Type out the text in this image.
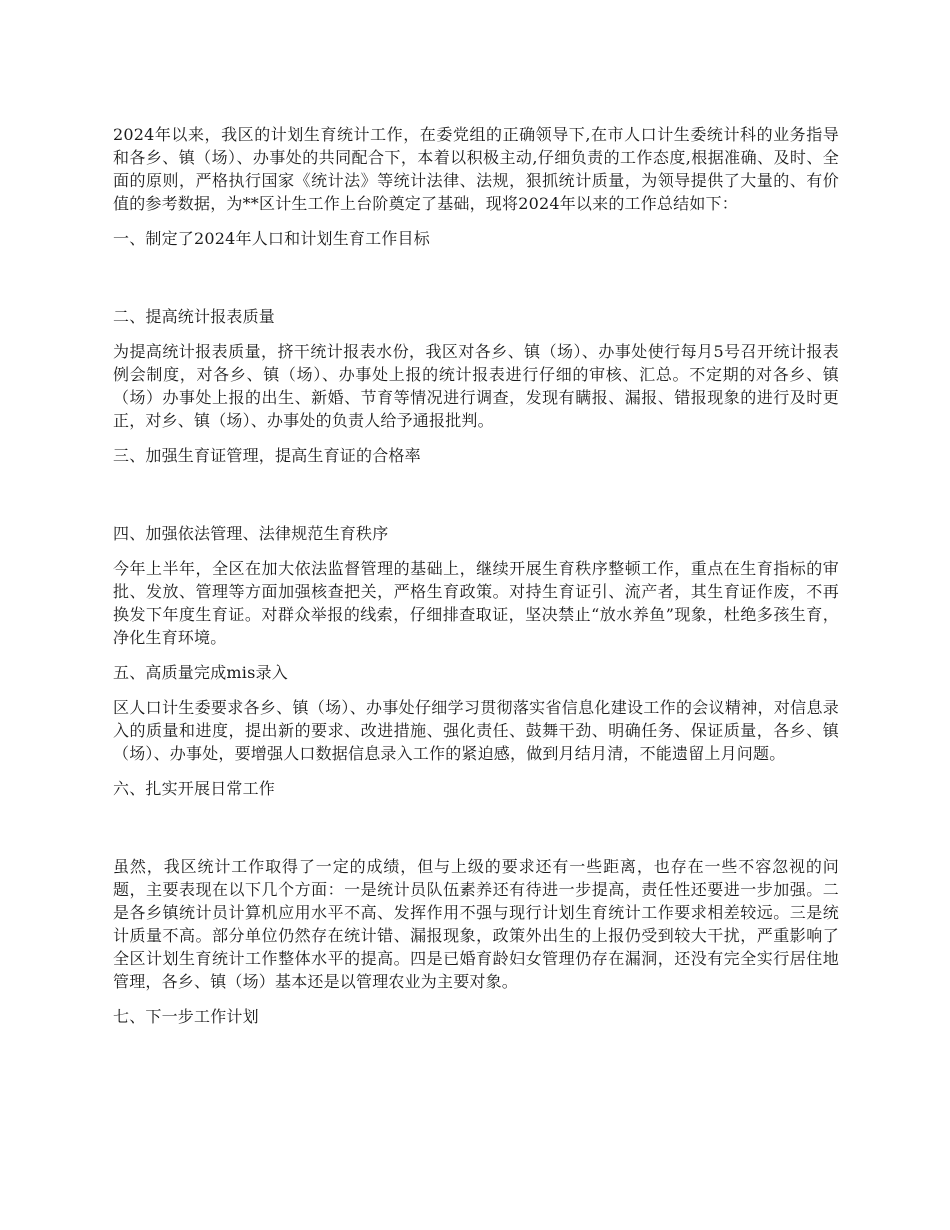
2024年以来，我区的计划生育统计工作，在委党组的正确领导下,在市人口计生委统计科的业务指导和各乡、镇（场）、办事处的共同配合下，本着以积极主动,仔细负责的工作态度,根据准确、及时、全面的原则，严格执行国家《统计法》等统计法律、法规，狠抓统计质量，为领导提供了大量的、有价值的参考数据，为**区计生工作上台阶奠定了基础，现将2024年以来的工作总结如下：

一、制定了2024年人口和计划生育工作目标

二、提高统计报表质量

为提高统计报表质量，挤干统计报表水份，我区对各乡、镇（场）、办事处使行每月5号召开统计报表例会制度，对各乡、镇（场）、办事处上报的统计报表进行仔细的审核、汇总。不定期的对各乡、镇（场）办事处上报的出生、新婚、节育等情况进行调查，发现有瞒报、漏报、错报现象的进行及时更正，对乡、镇（场）、办事处的负责人给予通报批判。

三、加强生育证管理，提高生育证的合格率

四、加强依法管理、法律规范生育秩序

今年上半年，全区在加大依法监督管理的基础上，继续开展生育秩序整顿工作，重点在生育指标的审批、发放、管理等方面加强核查把关，严格生育政策。对持生育证引、流产者，其生育证作废，不再换发下年度生育证。对群众举报的线索，仔细排查取证，坚决禁止“放水养鱼”现象，杜绝多孩生育，净化生育环境。

五、高质量完成mis录入

区人口计生委要求各乡、镇（场）、办事处仔细学习贯彻落实省信息化建设工作的会议精神，对信息录入的质量和进度，提出新的要求、改进措施、强化责任、鼓舞干劲、明确任务、保证质量，各乡、镇（场）、办事处，要增强人口数据信息录入工作的紧迫感，做到月结月清，不能遗留上月问题。

六、扎实开展日常工作

虽然，我区统计工作取得了一定的成绩，但与上级的要求还有一些距离，也存在一些不容忽视的问题，主要表现在以下几个方面：一是统计员队伍素养还有待进一步提高，责任性还要进一步加强。二是各乡镇统计员计算机应用水平不高、发挥作用不强与现行计划生育统计工作要求相差较远。三是统计质量不高。部分单位仍然存在统计错、漏报现象，政策外出生的上报仍受到较大干扰，严重影响了全区计划生育统计工作整体水平的提高。四是已婚育龄妇女管理仍存在漏洞，还没有完全实行居住地管理，各乡、镇（场）基本还是以管理农业为主要对象。

七、下一步工作计划
